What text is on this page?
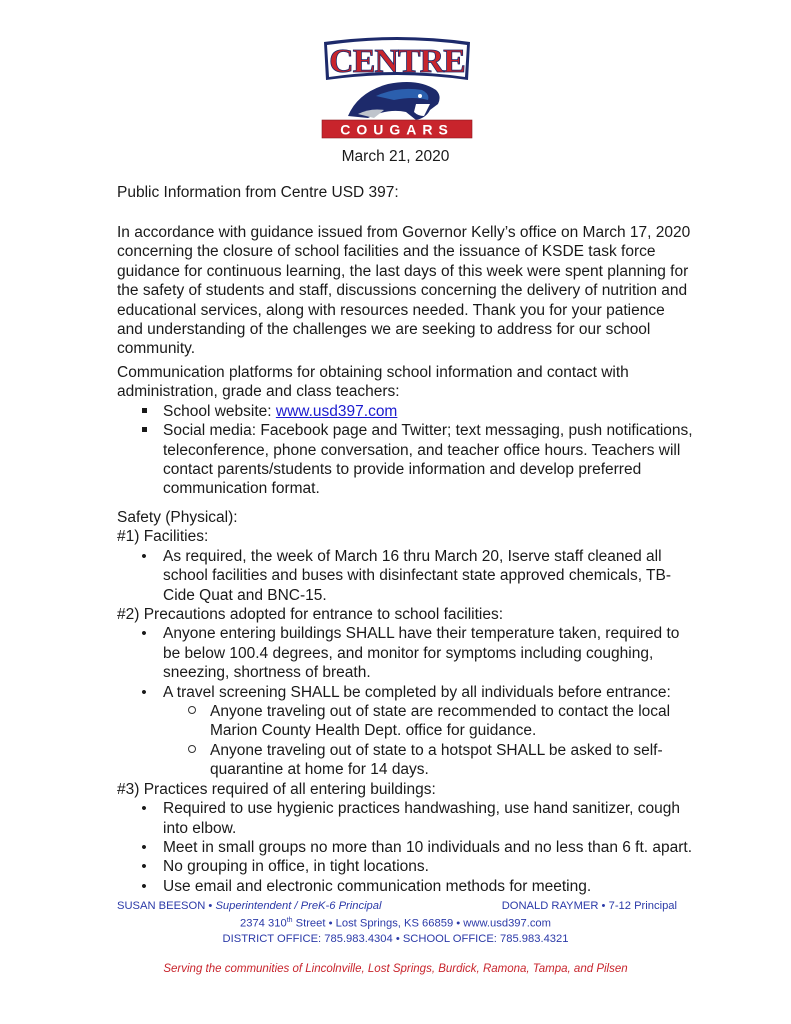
CENTRE
COUGARS
March 21, 2020

Public Information from Centre USD 397:

In accordance with guidance issued from Governor Kelly’s office on March 17, 2020 concerning the closure of school facilities and the issuance of KSDE task force guidance for continuous learning, the last days of this week were spent planning for the safety of students and staff, discussions concerning the delivery of nutrition and educational services, along with resources needed. Thank you for your patience and understanding of the challenges we are seeking to address for our school community.

Communication platforms for obtaining school information and contact with administration, grade and class teachers:

School website: www.usd397.com
Social media: Facebook page and Twitter; text messaging, push notifications, teleconference, phone conversation, and teacher office hours. Teachers will contact parents/students to provide information and develop preferred communication format.

Safety (Physical):

#1) Facilities:

•
As required, the week of March 16 thru March 20, Iserve staff cleaned all school facilities and buses with disinfectant state approved chemicals, TB-Cide Quat and BNC-15.

#2) Precautions adopted for entrance to school facilities:

•
Anyone entering buildings SHALL have their temperature taken, required to be below 100.4 degrees, and monitor for symptoms including coughing, sneezing, shortness of breath.
•
A travel screening SHALL be completed by all individuals before entrance:
Anyone traveling out of state are recommended to contact the local Marion County Health Dept. office for guidance.
Anyone traveling out of state to a hotspot SHALL be asked to self-quarantine at home for 14 days.

#3) Practices required of all entering buildings:

•
Required to use hygienic practices handwashing, use hand sanitizer, cough into elbow.
•
Meet in small groups no more than 10 individuals and no less than 6 ft. apart.
•
No grouping in office, in tight locations.
•
Use email and electronic communication methods for meeting.
SUSAN BEESON • Superintendent / PreK-6 Principal	DONALD RAYMER • 7-12 Principal
2374 310th Street • Lost Springs, KS 66859 • www.usd397.com
DISTRICT OFFICE: 785.983.4304 • SCHOOL OFFICE: 785.983.4321
Serving the communities of Lincolnville, Lost Springs, Burdick, Ramona, Tampa, and Pilsen
